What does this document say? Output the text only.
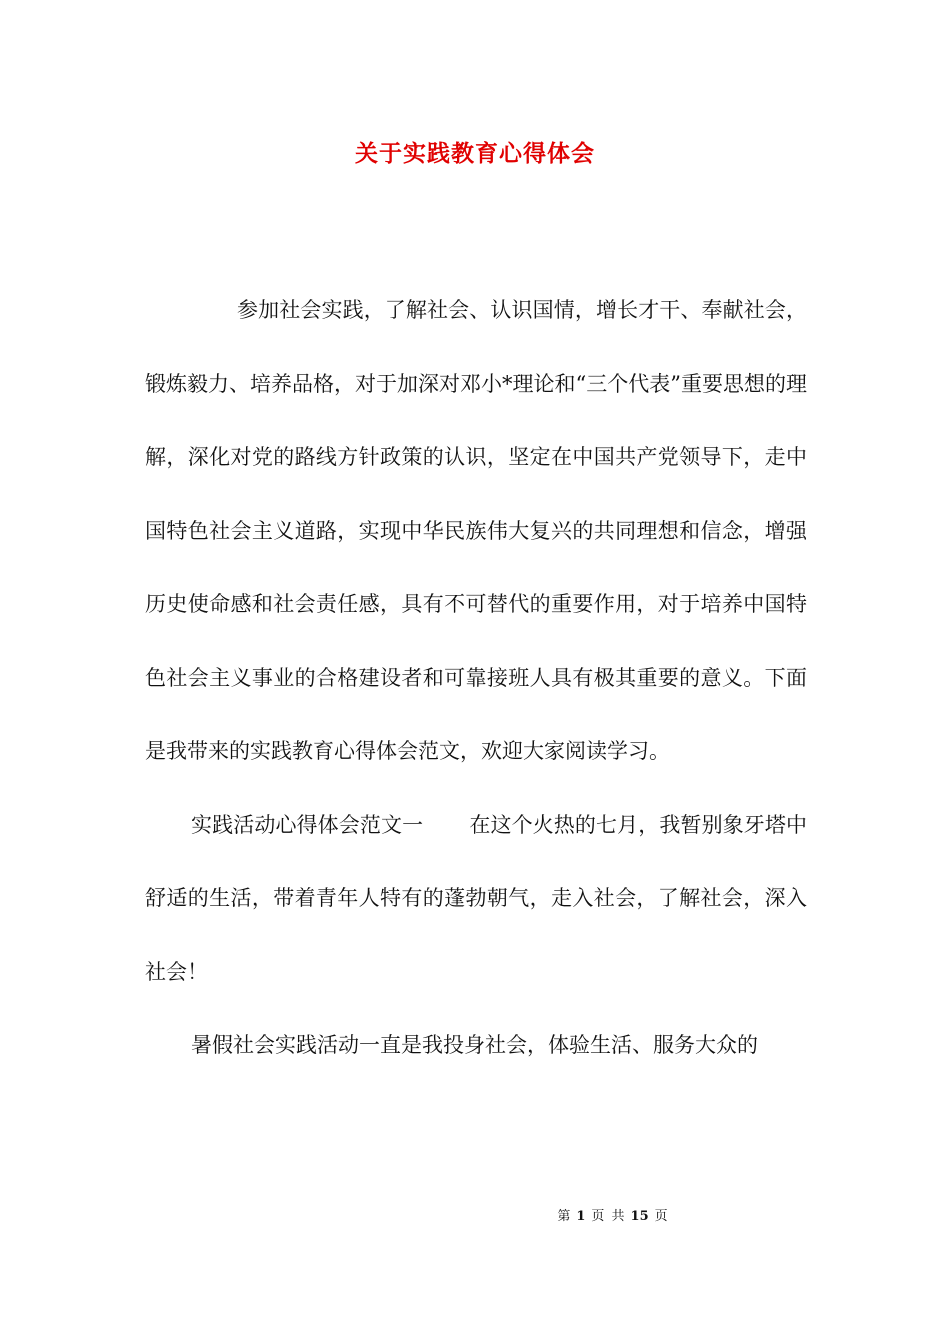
关于实践教育心得体会

参加社会实践，了解社会、认识国情，增长才干、奉献社会，锻炼毅力、培养品格，对于加深对邓小*理论和“三个代表”重要思想的理解，深化对党的路线方针政策的认识，坚定在中国共产党领导下，走中国特色社会主义道路，实现中华民族伟大复兴的共同理想和信念，增强历史使命感和社会责任感，具有不可替代的重要作用，对于培养中国特色社会主义事业的合格建设者和可靠接班人具有极其重要的意义。下面是我带来的实践教育心得体会范文，欢迎大家阅读学习。

实践活动心得体会范文一 在这个火热的七月，我暂别象牙塔中舒适的生活，带着青年人特有的蓬勃朝气，走入社会，了解社会，深入社会！

暑假社会实践活动一直是我投身社会，体验生活、服务大众的

第 1 页 共 15 页
